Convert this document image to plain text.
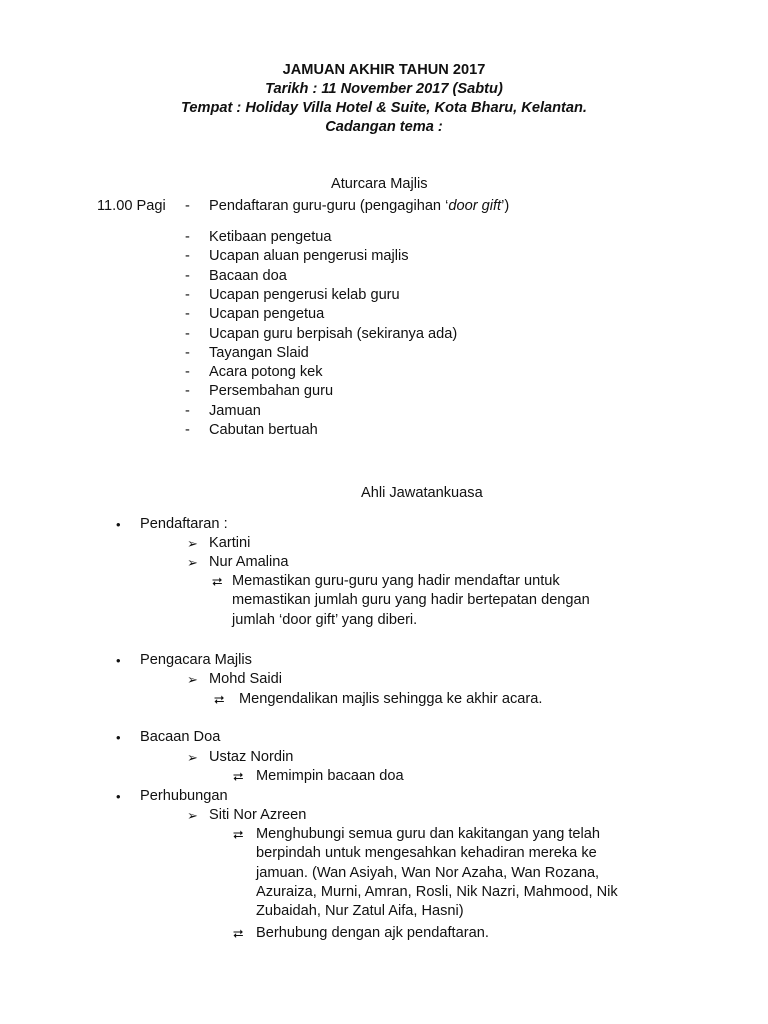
JAMUAN AKHIR TAHUN 2017
Tarikh : 11 November 2017 (Sabtu)
Tempat : Holiday Villa Hotel & Suite, Kota Bharu, Kelantan.
Cadangan tema :
Aturcara Majlis
11.00 Pagi - Pendaftaran guru-guru (pengagihan ‘door gift’)
- Ketibaan pengetua
- Ucapan aluan pengerusi majlis
- Bacaan doa
- Ucapan pengerusi kelab guru
- Ucapan pengetua
- Ucapan guru berpisah (sekiranya ada)
- Tayangan Slaid
- Acara potong kek
- Persembahan guru
- Jamuan
- Cabutan bertuah
Ahli Jawatankuasa
• Pendaftaran :
➢ Kartini
➢ Nur Amalina
⮂ Memastikan guru-guru yang hadir mendaftar untuk
memastikan jumlah guru yang hadir bertepatan dengan
jumlah ‘door gift’ yang diberi.
• Pengacara Majlis
➢ Mohd Saidi
⮂ Mengendalikan majlis sehingga ke akhir acara.
• Bacaan Doa
➢ Ustaz Nordin
⮂ Memimpin bacaan doa
• Perhubungan
➢ Siti Nor Azreen
⮂ Menghubungi semua guru dan kakitangan yang telah
berpindah untuk mengesahkan kehadiran mereka ke
jamuan. (Wan Asiyah, Wan Nor Azaha, Wan Rozana,
Azuraiza, Murni, Amran, Rosli, Nik Nazri, Mahmood, Nik
Zubaidah, Nur Zatul Aifa, Hasni)
⮂ Berhubung dengan ajk pendaftaran.
